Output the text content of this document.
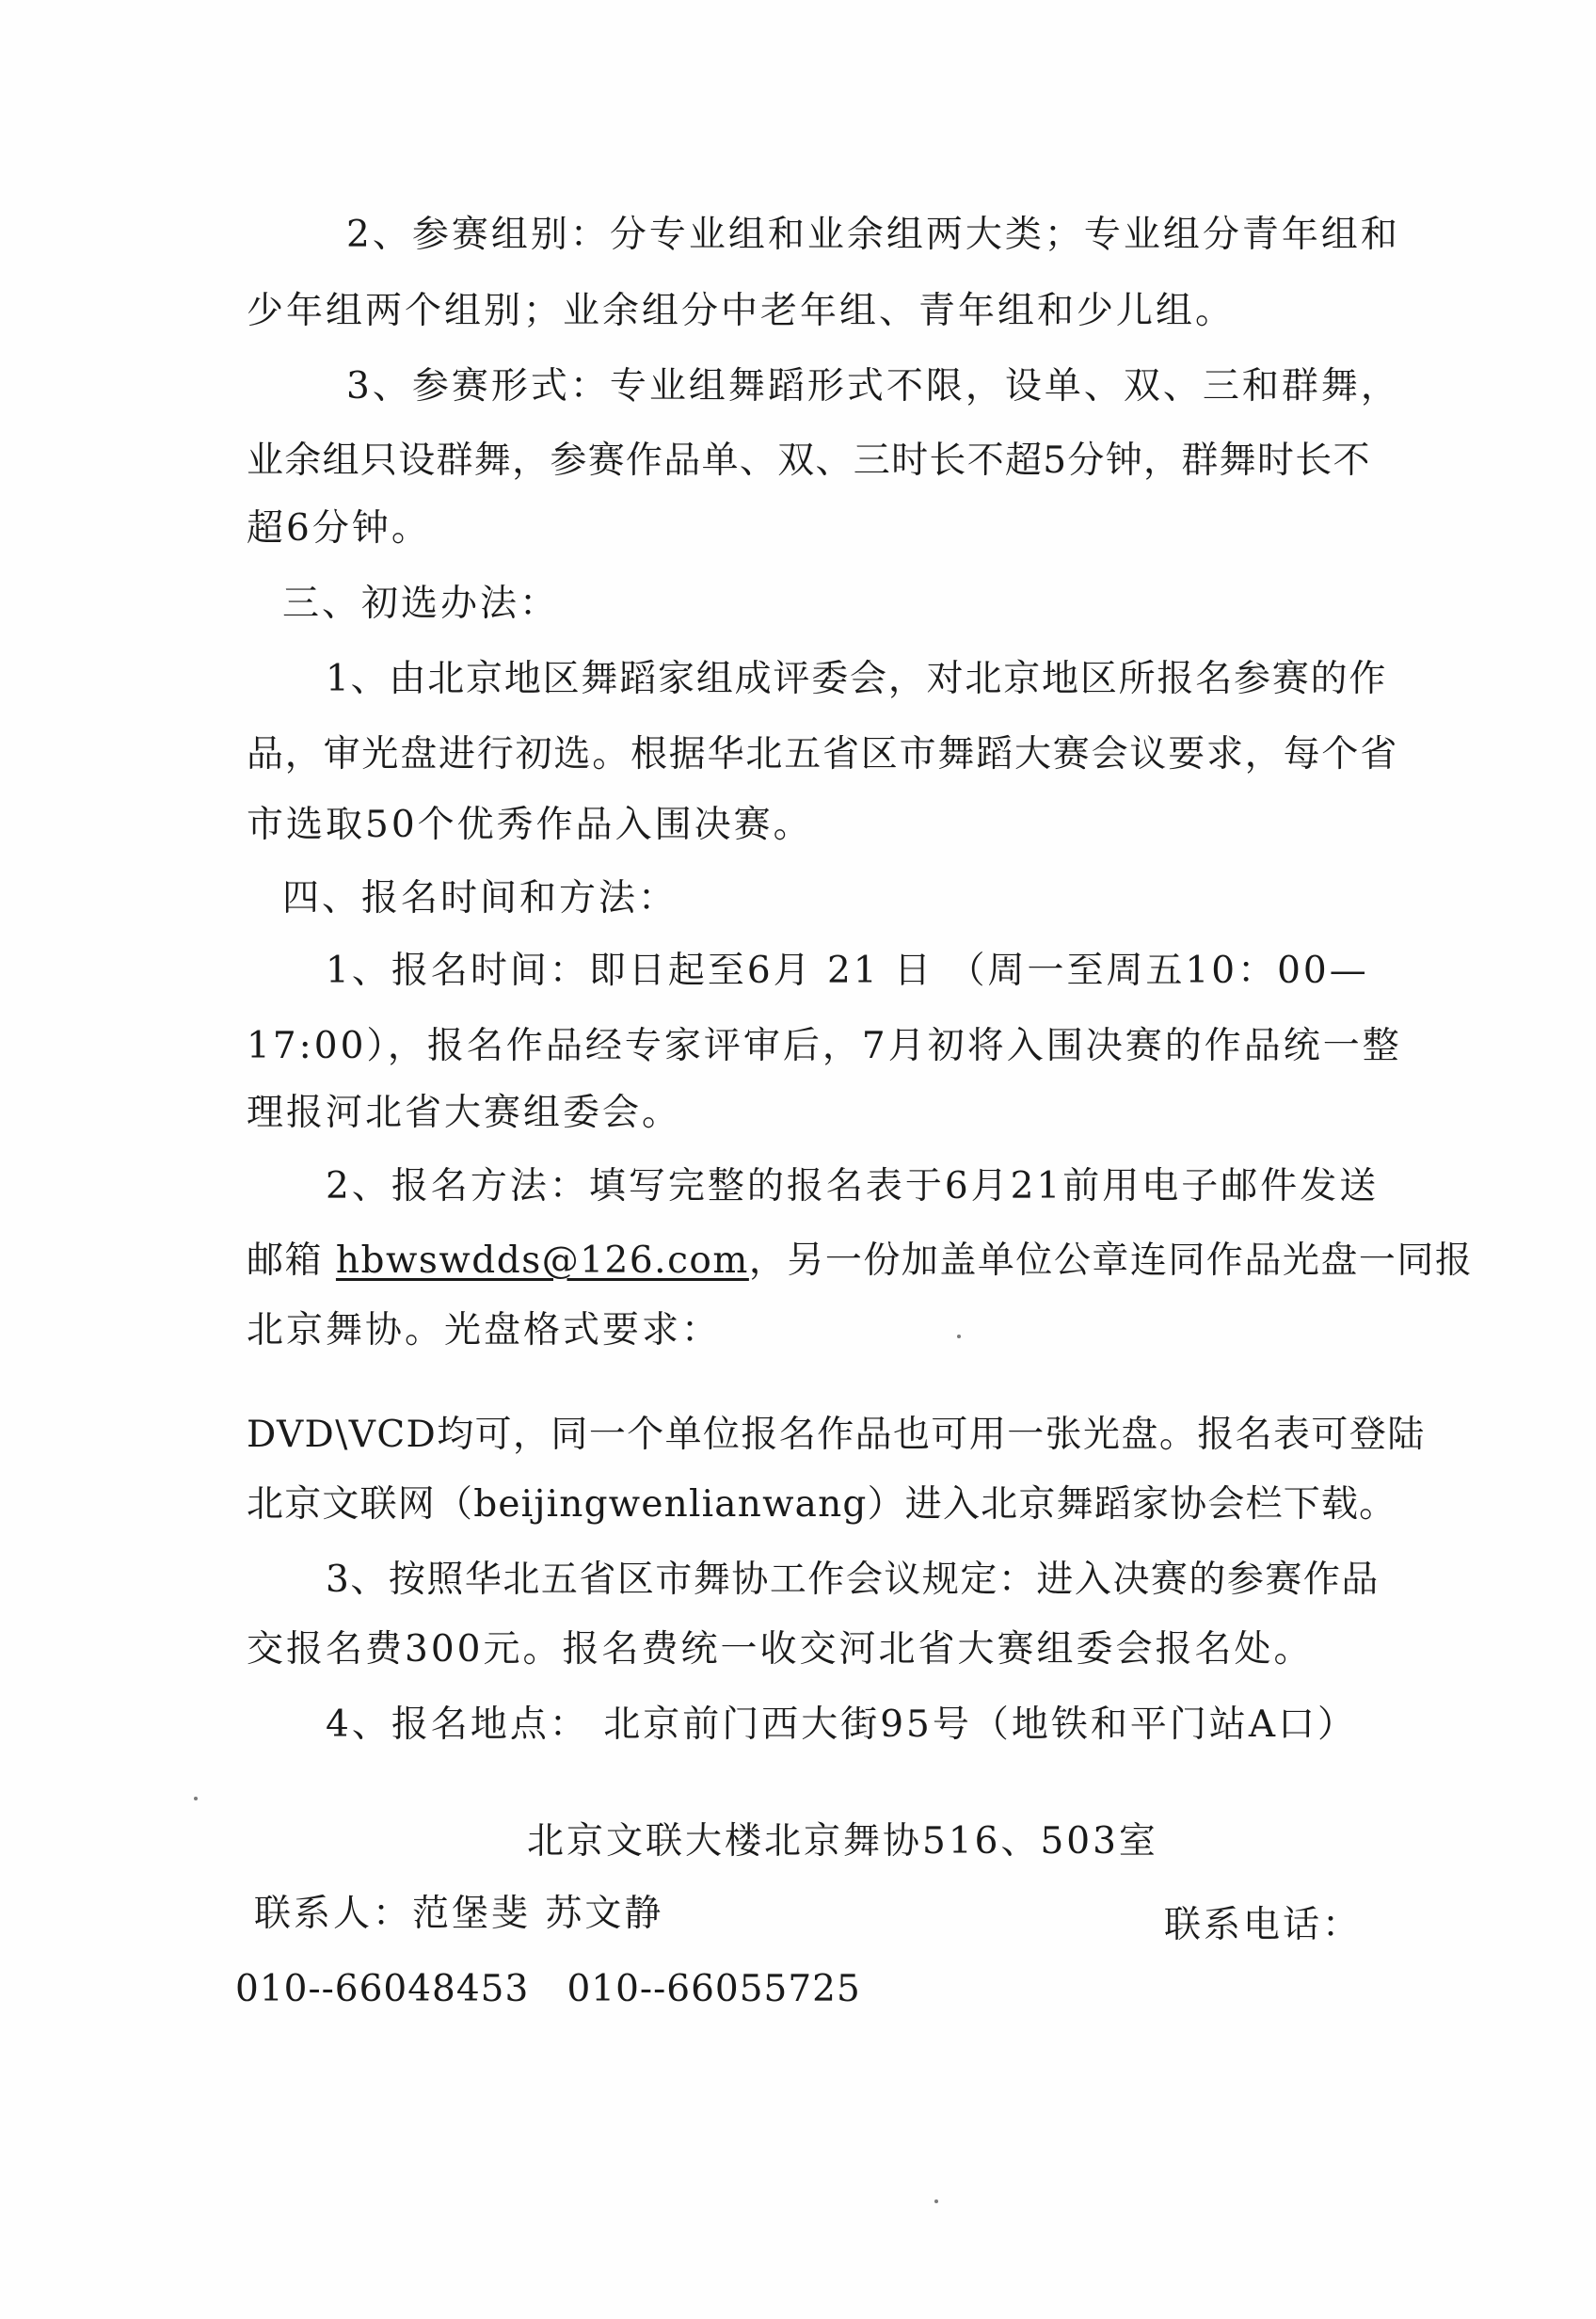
2、参赛组别：分专业组和业余组两大类；专业组分青年组和
少年组两个组别；业余组分中老年组、青年组和少儿组。
3、参赛形式：专业组舞蹈形式不限，设单、双、三和群舞，
业余组只设群舞，参赛作品单、双、三时长不超5分钟，群舞时长不
超6分钟。
三、初选办法：
1、由北京地区舞蹈家组成评委会，对北京地区所报名参赛的作
品，审光盘进行初选。根据华北五省区市舞蹈大赛会议要求，每个省
市选取50个优秀作品入围决赛。
四、报名时间和方法：
1、报名时间：即日起至6月 21 日 （周一至周五10：00—
17:00），报名作品经专家评审后，7月初将入围决赛的作品统一整
理报河北省大赛组委会。
2、报名方法：填写完整的报名表于6月21前用电子邮件发送
邮箱 hbwswdds@126.com，另一份加盖单位公章连同作品光盘一同报
北京舞协。光盘格式要求：
DVD\VCD均可，同一个单位报名作品也可用一张光盘。报名表可登陆
北京文联网（beijingwenlianwang）进入北京舞蹈家协会栏下载。
3、按照华北五省区市舞协工作会议规定：进入决赛的参赛作品
交报名费300元。报名费统一收交河北省大赛组委会报名处。
4、报名地点： 北京前门西大街95号（地铁和平门站A口）
北京文联大楼北京舞协516、503室
联系人：范堡斐 苏文静	联系电话：
010--66048453   010--66055725
